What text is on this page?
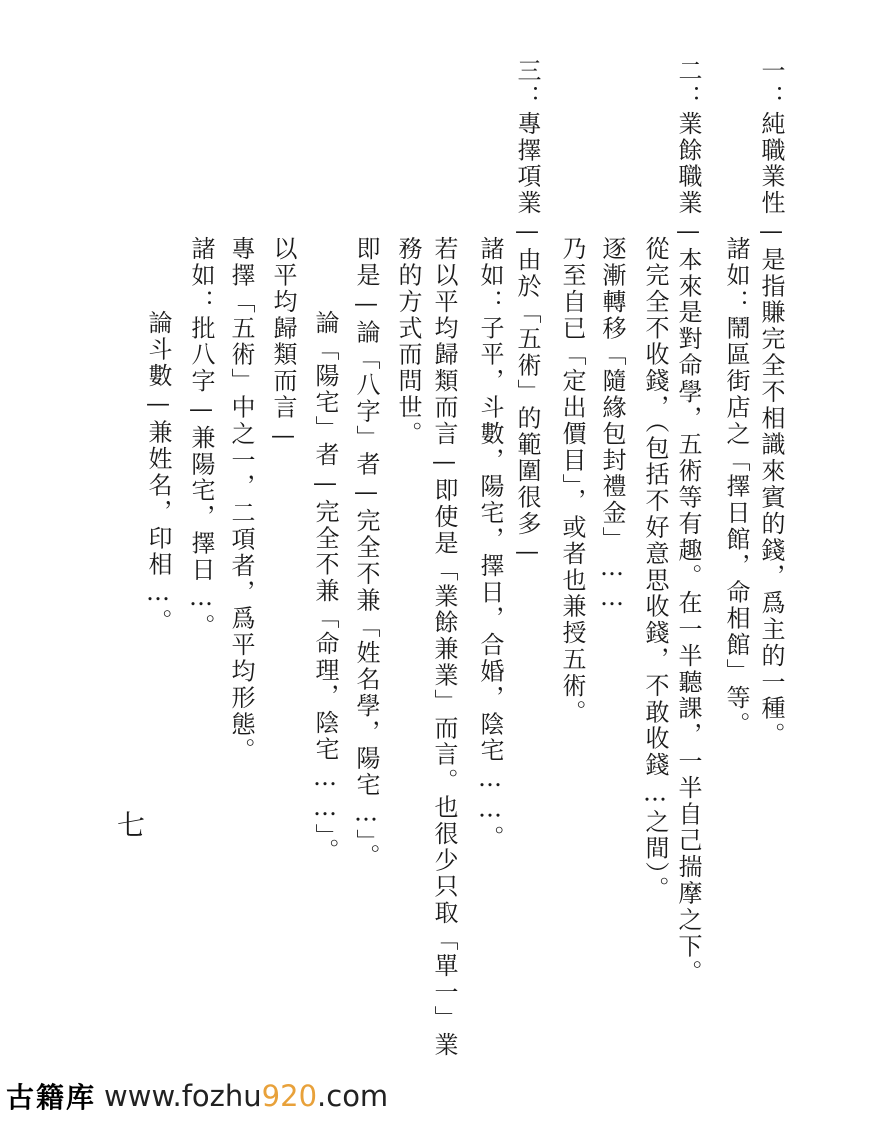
一：純職業性—是指賺完全不相識來賓的錢，爲主的一種。
諸如：鬧區街店之「擇日館，命相館」等。
二：業餘職業—本來是對命學，五術等有趣。在一半聽課，一半自己揣摩之下。
從完全不收錢，（包括不好意思收錢，不敢收錢…之間）。
逐漸轉移「隨緣包封禮金」……
乃至自已「定出價目」，或者也兼授五術。
三：專擇項業—由於「五術」的範圍很多—
諸如：子平，斗數，陽宅，擇日，合婚，陰宅……。
若以平均歸類而言—即使是「業餘兼業」而言。也很少只取「單一」業
務的方式而問世。
即是—論「八字」者—完全不兼「姓名學，陽宅…」。
論「陽宅」者—完全不兼「命理，陰宅……」。
以平均歸類而言—
專擇「五術」中之一，二項者，爲平均形態。
諸如：批八字—兼陽宅，擇日…。
論斗數—兼姓名，印相…。
七
古籍库 www.fozhu920.com
